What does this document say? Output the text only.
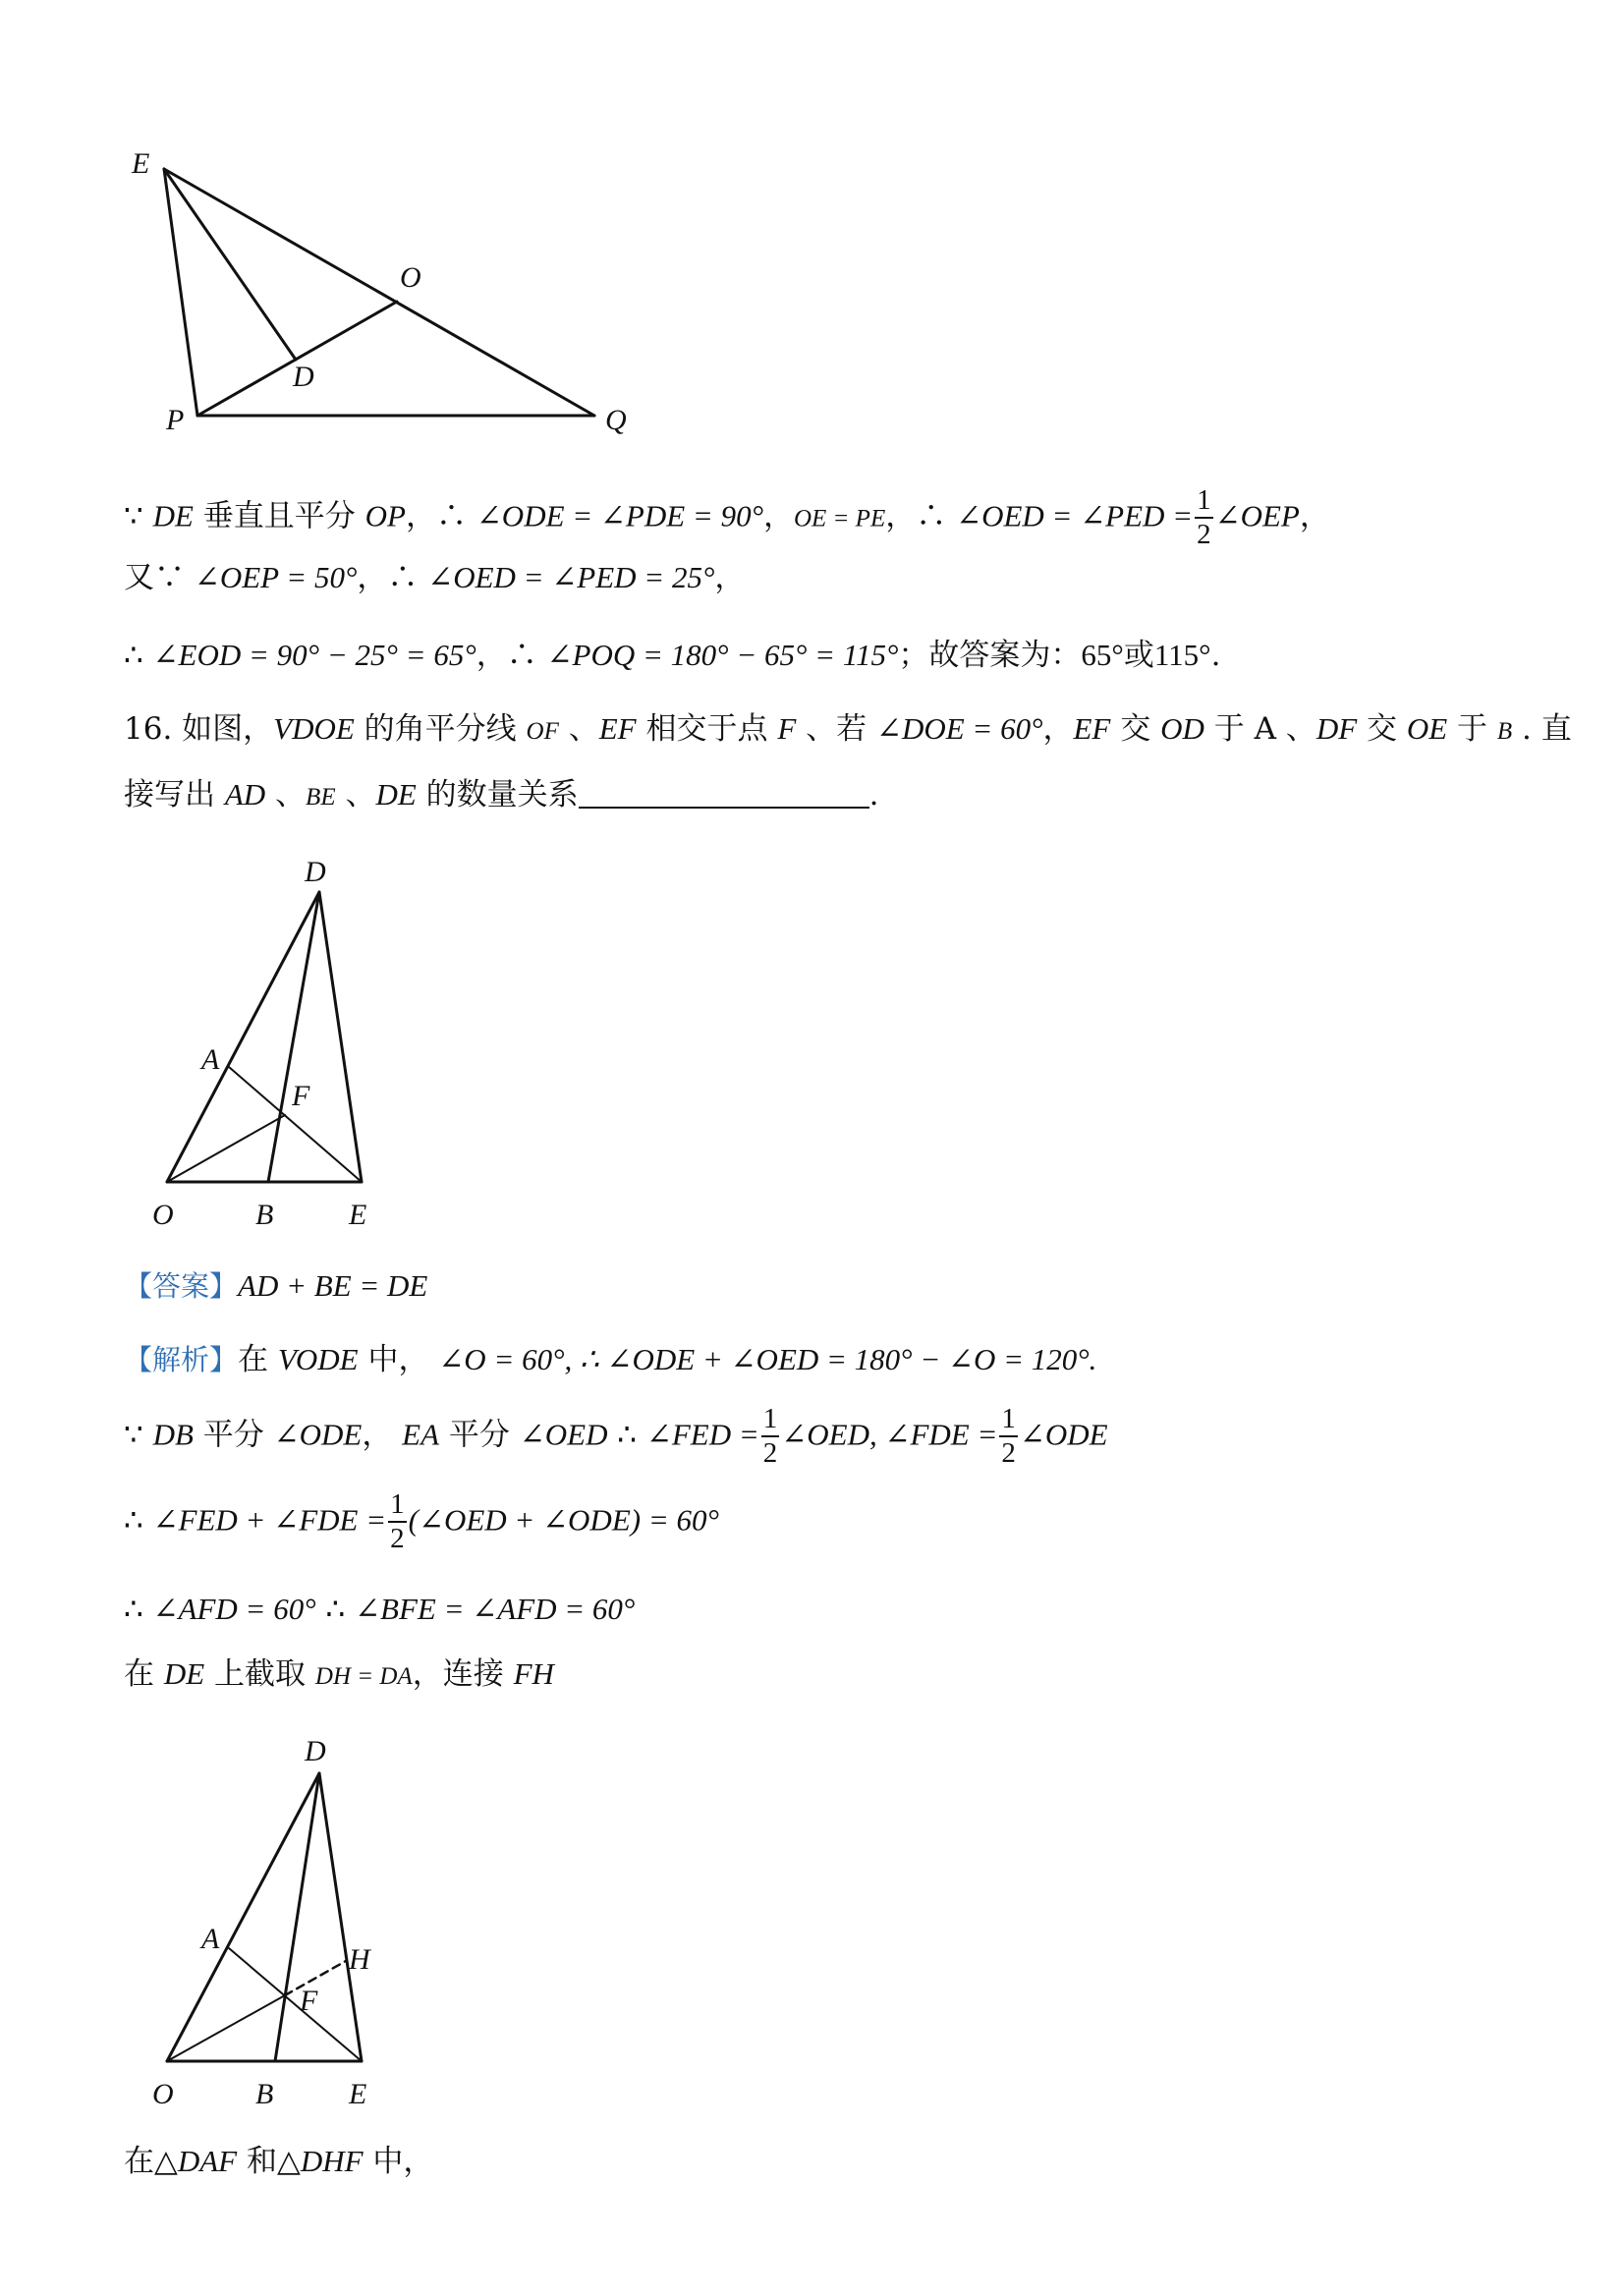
E
O
D
P	Q
∵ DE 垂直且平分 OP，∴ ∠ODE = ∠PDE = 90°，OE = PE，∴ ∠OED = ∠PED = $\frac{1}{2}$ ∠OEP，
又∵ ∠OEP = 50°，∴ ∠OED = ∠PED = 25°，
∴ ∠EOD = 90° − 25° = 65°，∴ ∠POQ = 180° − 65° = 115°；故答案为：65°或115°.
16. 如图，VDOE 的角平分线 OF 、EF 相交于点 F 、若 ∠DOE = 60°，EF 交 OD 于 A 、DF 交 OE 于 B . 直
接写出 AD 、BE 、DE 的数量关系	.
D
A
F
O	B	E
【答案】AD + BE = DE
【解析】在 VODE 中， ∠O = 60°, ∴ ∠ODE + ∠OED = 180° − ∠O = 120°.
∵ DB 平分 ∠ODE， EA 平分 ∠OED ∴ ∠FED = $\frac{1}{2}$ ∠OED, ∠FDE = $\frac{1}{2}$ ∠ODE
∴ ∠FED + ∠FDE = $\frac{1}{2}$ (∠OED + ∠ODE) = 60°
∴ ∠AFD = 60° ∴ ∠BFE = ∠AFD = 60°
在 DE 上截取 DH = DA，连接 FH
D
A
H
F
O	B	E
在△DAF 和△DHF 中，
